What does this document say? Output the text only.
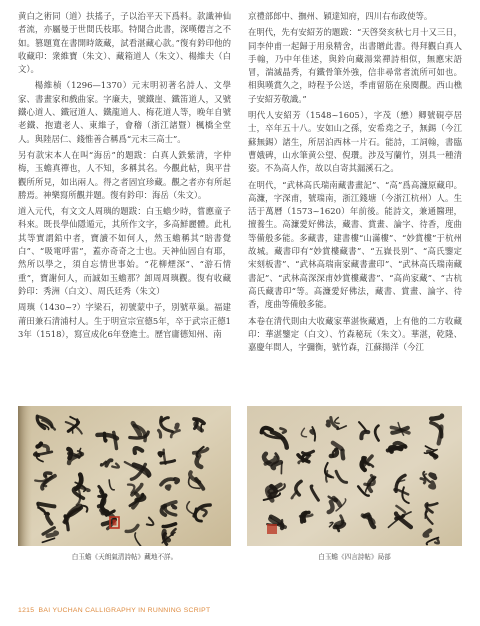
黄白之術同（道）扶搖子，子以治平天下爲料。款識神仙者流，亦屬曼于世間氏枝耶。特聞合此書，深嘆僊言之不如。篡題寬在書開時箴藏，試看湛藏心款。”復有鈐印他的收藏印：衆維寶（朱文）、藏箱道人（朱文）、楊維夫（白文）。

楊維楨（1296—1370）元末明初著名詩人、文學家、書畫家和戲曲家。字廉夫，號鐵崖、鐵笛道人，又號鐵心道人、鐵冠道人、鐵龍道人、梅花道人等，晚年自號老鐵、抱遺老人、東維子，會稽（浙江諸暨）楓橋全堂人。與陸居仁、錢惟善合稱爲“元末三高士”。

另有款宋本人在叫“海岳”的題跋：白真人鉄紫清，字仲梅，玉蟾真禪也，人不知，多稱其名。今觀此帖，與平昔觀所所見，如出兩人。得之者固宜珍藏。觀之者亦有所起勝焉。神樂寫所觀并題。復有鈐印：海岳（朱文）。

道入元代，有文文人周璵的題跋：白玉蟾少時，嘗應童子科來。既長學仙隱遁元，其所作文字，多高鮮麗體。此札其等實謂鉛中者，寶讀不如何人，然玉蟾稱其“賠書覺白”、“吸電呼雷”，蓋亦奇奇之士也。天神仙固自有耶，然所以學之，須自忘情世事始。“花柳煙深”、“游石情重”，寶謝何人，而誠如玉蟾那？卸周周璵觀。復有收藏鈐印：秀洲（白文）、周氏廷秀（朱文）

周璵（1430~?）字梁石，初號蒙中子，別號草巢。福建莆田兼石清浦村人。生于明宣宗宣德5年，卒于武宗正德13年（1518），寫宣成化6年登進士。歷官庸德知州、南

京禮部郎中、撫州、穎達知府，四川右布政使等。

在明代，先有安紹芳的題跋：“天啓癸亥秋七月十又三日，同李仲甫一起歸于用泉精舍，出書贈此書。得拜觀白真人手翰，乃中年佳述，與鈴向藏湯棠禪詩相似，無應宋語冒，湍滅晶秀，有鐵骨筆外強，信非尋常者流所可如也。相與嘆賞久之，時程予公送，季甫留筋在泉閱觀。西山樵子安紹芳敬識。”

明代人安紹芳（1548~1605），字茂（懋）卿號硯亭居士，卒年五十八。安如山之孫，安希堯之子，無錫（今江蘇無錫）諸生，所居泊西林一片石。能詩，工詞翰，書臨曹娥碑，山水筆黄公望、倪瓚。涉及写蘭竹，別具一種清姿。不為高人作，故以自寄其漏溪石之。

在明代，“武林高氏瑞南藏書畫記”、“高”爲高濂原藏印。高濂，字深甫，號瑞南，浙江錢塘（今浙江杭州）人。生活于萬曆（1573~1620）年前後。能詩文，兼通醫理，擅養生。高濂愛好佛法，藏書、賞畫、論字、待香，度曲等備般多能。多藏書，建書樓“山滿樓”、“妙賞樓”于杭州故城。藏書印有“妙賞樓藏書”、“五嶽長别”、“高氏鑒定宋刻板書”、“武林高瑞南家藏書畫印”、“武林高氏瑞南藏書記”、“武林高深深甫妙賞樓藏書”、“高尚家藏”、“古杭高氏藏書印”等。高濂愛好佛法，藏書、賞畫、論字、待香，度曲等備般多能。

本卷在清代則由大收藏家華湛恢藏過，上有他的二方收藏印：華湛鑒定（白文）、竹森秘玩（朱文）。華湛，乾隆、嘉慶年間人，字彌衡，號竹森，江蘇揚洋（今江

白玉蟾《天朗氣清詩帖》藏地不詳。	白玉蟾《四言詩帖》局部
1215 BAI YUCHAN CALLIGRAPHY IN RUNNING SCRIPT
